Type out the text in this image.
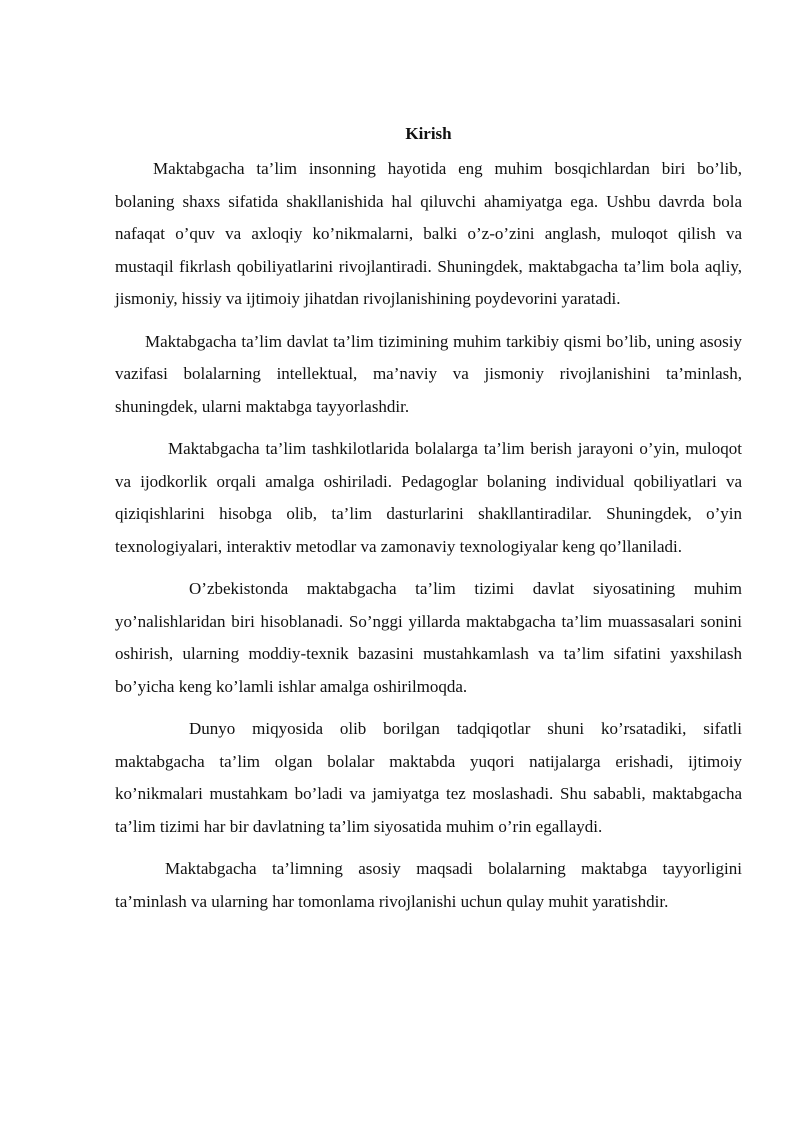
Kirish

Maktabgacha ta’lim insonning hayotida eng muhim bosqichlardan biri bo’lib, bolaning shaxs sifatida shakllanishida hal qiluvchi ahamiyatga ega. Ushbu davrda bola nafaqat o’quv va axloqiy ko’nikmalarni, balki o’z-o’zini anglash, muloqot qilish va mustaqil fikrlash qobiliyatlarini rivojlantiradi. Shuningdek, maktabgacha ta’lim bola aqliy, jismoniy, hissiy va ijtimoiy jihatdan rivojlanishining poydevorini yaratadi.

Maktabgacha ta’lim davlat ta’lim tizimining muhim tarkibiy qismi bo’lib, uning asosiy vazifasi bolalarning intellektual, ma’naviy va jismoniy rivojlanishini ta’minlash, shuningdek, ularni maktabga tayyorlashdir.

Maktabgacha ta’lim tashkilotlarida bolalarga ta’lim berish jarayoni o’yin, muloqot va ijodkorlik orqali amalga oshiriladi. Pedagoglar bolaning individual qobiliyatlari va qiziqishlarini hisobga olib, ta’lim dasturlarini shakllantiradilar. Shuningdek, o’yin texnologiyalari, interaktiv metodlar va zamonaviy texnologiyalar keng qo’llaniladi.

O’zbekistonda maktabgacha ta’lim tizimi davlat siyosatining muhim yo’nalishlaridan biri hisoblanadi. So’nggi yillarda maktabgacha ta’lim muassasalari sonini oshirish, ularning moddiy-texnik bazasini mustahkamlash va ta’lim sifatini yaxshilash bo’yicha keng ko’lamli ishlar amalga oshirilmoqda.

Dunyo miqyosida olib borilgan tadqiqotlar shuni ko’rsatadiki, sifatli maktabgacha ta’lim olgan bolalar maktabda yuqori natijalarga erishadi, ijtimoiy ko’nikmalari mustahkam bo’ladi va jamiyatga tez moslashadi. Shu sababli, maktabgacha ta’lim tizimi har bir davlatning ta’lim siyosatida muhim o’rin egallaydi.

Maktabgacha ta’limning asosiy maqsadi bolalarning maktabga tayyorligini ta’minlash va ularning har tomonlama rivojlanishi uchun qulay muhit yaratishdir.
